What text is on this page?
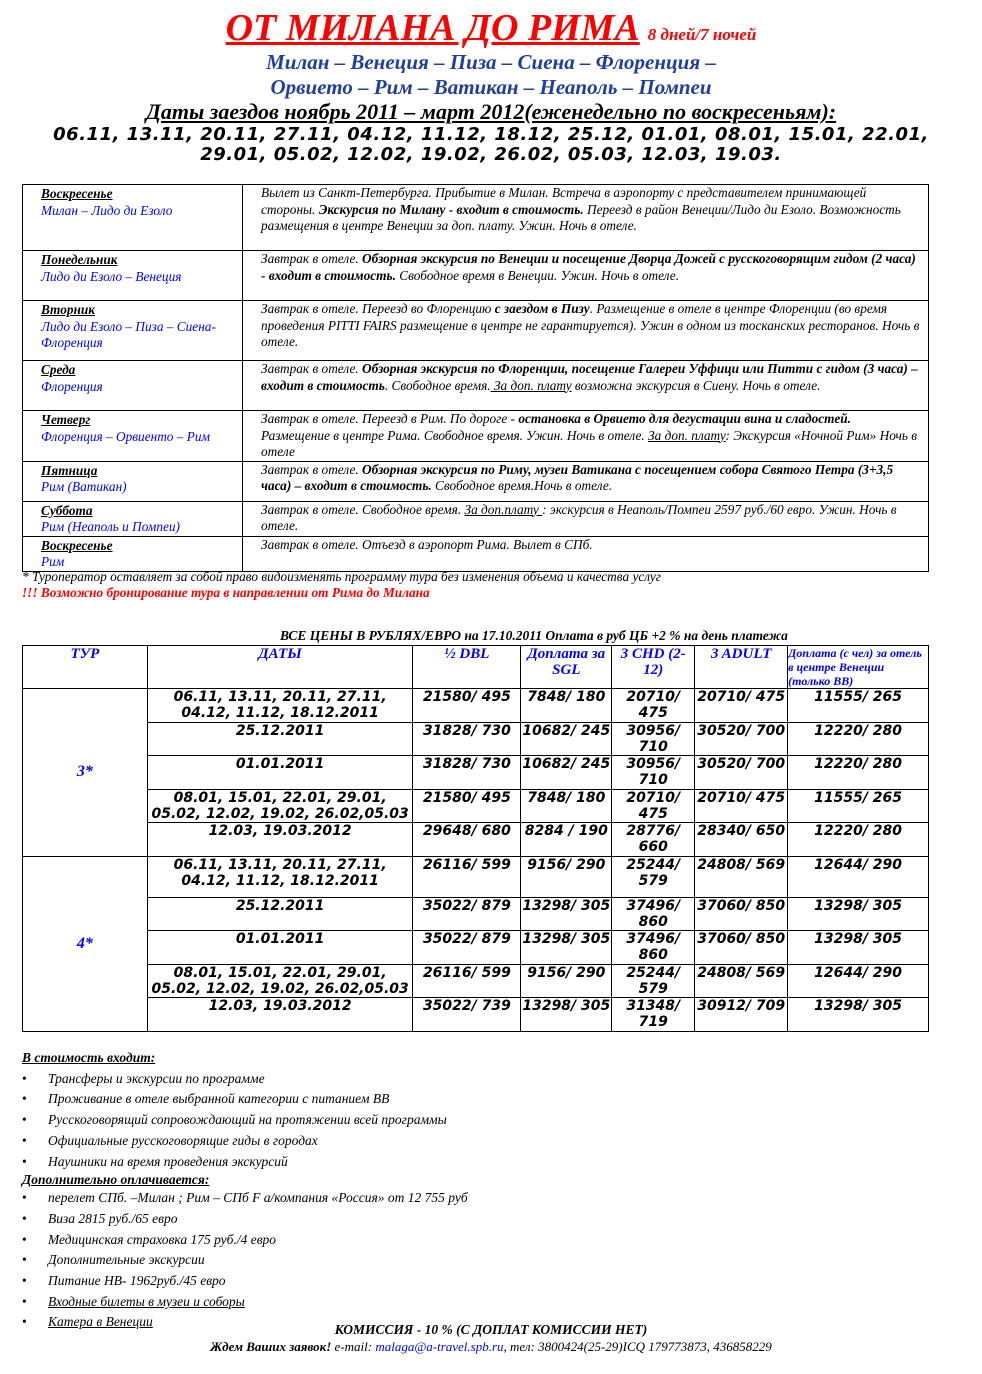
ОТ МИЛАНА ДО РИМА 8 дней/7 ночей
Милан – Венеция – Пиза – Сиена – Флоренция –
Орвието – Рим – Ватикан – Неаполь – Помпеи
Даты заездов ноябрь 2011 – март 2012(еженедельно по воскресеньям):
06.11, 13.11, 20.11, 27.11, 04.12, 11.12, 18.12, 25.12, 01.01, 08.01, 15.01, 22.01,
29.01, 05.02, 12.02, 19.02, 26.02, 05.03, 12.03, 19.03.
Воскресенье
Милан – Лидо ди Езоло	Вылет из Санкт-Петербурга. Прибытие в Милан. Встреча в аэропорту с представителем принимающей стороны. Экскурсия по Милану - входит в стоимость. Переезд в район Венеции/Лидо ди Езоло. Возможность размещения в центре Венеции за доп. плату. Ужин. Ночь в отеле.

Понедельник
Лидо ди Езоло – Венеция	Завтрак в отеле. Обзорная экскурсия по Венеции и посещение Дворца Дожей с русскоговорящим гидом (2 часа) - входит в стоимость. Свободное время в Венеции. Ужин. Ночь в отеле.

Вторник
Лидо ди Езоло – Пиза – Сиена- Флоренция	Завтрак в отеле. Переезд во Флоренцию с заездом в Пизу. Размещение в отеле в центре Флоренции (во время проведения PITTI FAIRS размещение в центре не гарантируется). Ужин в одном из тосканских ресторанов. Ночь в отеле.

Среда
Флоренция	Завтрак в отеле. Обзорная экскурсия по Флоренции, посещение Галереи Уффици или Питти с гидом (3 часа) – входит в стоимость. Свободное время. За доп. плату возможна экскурсия в Сиену. Ночь в отеле.

Четверг
Флоренция – Орвиенто – Рим	Завтрак в отеле. Переезд в Рим. По дороге - остановка в Орвието для дегустации вина и сладостей. Размещение в центре Рима. Свободное время. Ужин. Ночь в отеле. За доп. плату: Экскурсия «Ночной Рим» Ночь в отеле

Пятница
Рим (Ватикан)	Завтрак в отеле. Обзорная экскурсия по Риму, музеи Ватикана с посещением собора Святого Петра (3+3,5 часа) – входит в стоимость. Свободное время.Ночь в отеле.

Суббота
Рим (Неаполь и Помпеи)	Завтрак в отеле. Свободное время. За доп.плату : экскурсия в Неаполь/Помпеи 2597 руб./60 евро. Ужин. Ночь в отеле.

Воскресенье
Рим	Завтрак в отеле. Отъезд в аэропорт Рима. Вылет в СПб.
* Туроператор оставляет за собой право видоизменять программу тура без изменения объема и качества услуг
!!! Возможно бронирование тура в направлении от Рима до Милана
ВСЕ ЦЕНЫ В РУБЛЯХ/ЕВРО на 17.10.2011 Оплата в руб ЦБ +2 % на день платежа
ТУР	ДАТЫ	½ DBL	Доплата за SGL	3 CHD (2-12)	3 ADULT	Доплата (с чел) за отель в центре Венеции (только BB)
3*	06.11, 13.11, 20.11, 27.11, 04.12, 11.12, 18.12.2011	21580/ 495	7848/ 180	20710/ 475	20710/ 475	11555/ 265
	25.12.2011	31828/ 730	10682/ 245	30956/ 710	30520/ 700	12220/ 280
	01.01.2011	31828/ 730	10682/ 245	30956/ 710	30520/ 700	12220/ 280
	08.01, 15.01, 22.01, 29.01, 05.02, 12.02, 19.02, 26.02,05.03	21580/ 495	7848/ 180	20710/ 475	20710/ 475	11555/ 265
	12.03, 19.03.2012	29648/ 680	8284 / 190	28776/ 660	28340/ 650	12220/ 280
4*	06.11, 13.11, 20.11, 27.11, 04.12, 11.12, 18.12.2011	26116/ 599	9156/ 290	25244/ 579	24808/ 569	12644/ 290
	25.12.2011	35022/ 879	13298/ 305	37496/ 860	37060/ 850	13298/ 305
	01.01.2011	35022/ 879	13298/ 305	37496/ 860	37060/ 850	13298/ 305
	08.01, 15.01, 22.01, 29.01, 05.02, 12.02, 19.02, 26.02,05.03	26116/ 599	9156/ 290	25244/ 579	24808/ 569	12644/ 290
	12.03, 19.03.2012	35022/ 739	13298/ 305	31348/ 719	30912/ 709	13298/ 305
В стоимость входит:
• Трансферы и экскурсии по программе
• Проживание в отеле выбранной категории с питанием ВВ
• Русскоговорящий сопровождающий на протяжении всей программы
• Официальные русскоговорящие гиды в городах
• Наушники на время проведения экскурсий
Дополнительно оплачивается:
• перелет СПб. –Милан ; Рим – СПб F а/компания «Россия» от 12 755 руб
• Виза 2815 руб./65 евро
• Медицинская страховка 175 руб./4 евро
• Дополнительные экскурсии
• Питание НВ- 1962руб./45 евро
• Входные билеты в музеи и соборы
• Катера в Венеции
КОМИССИЯ - 10 % (С ДОПЛАТ КОМИССИИ НЕТ)
Ждем Ваших заявок! e-mail: malaga@a-travel.spb.ru, тел: 3800424(25-29)ICQ 179773873, 436858229
